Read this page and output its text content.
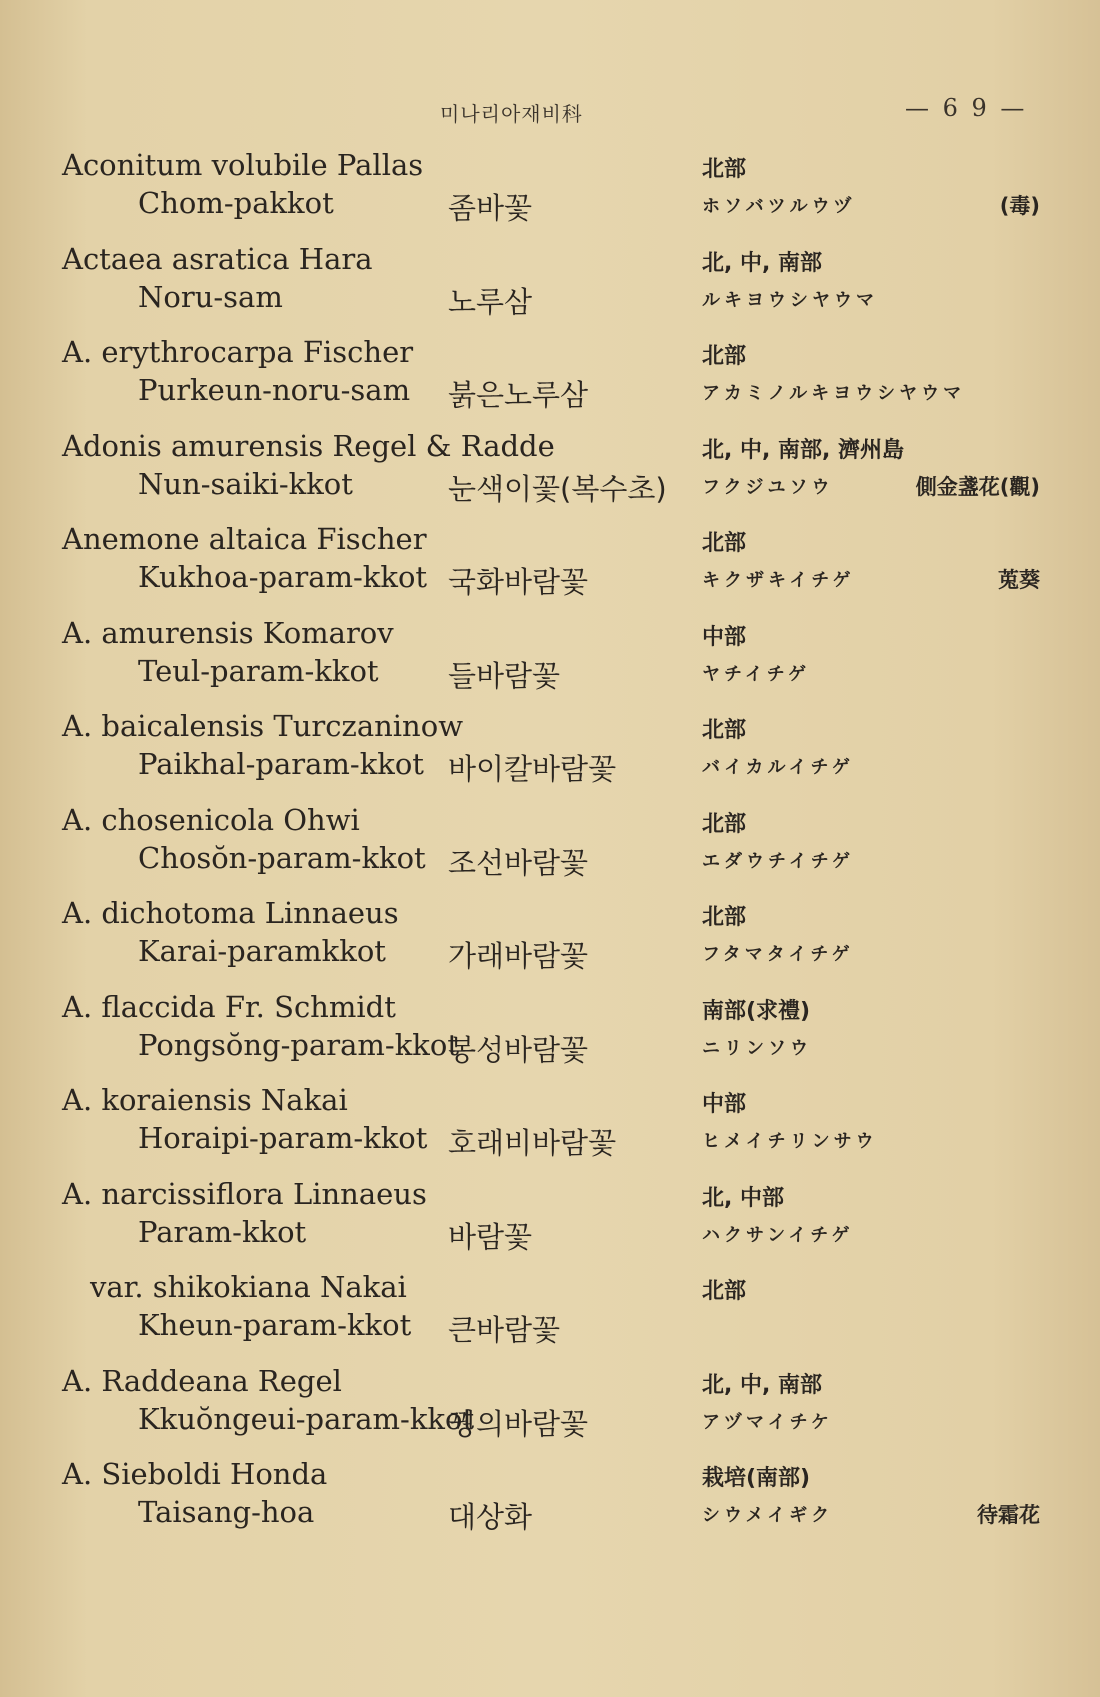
미나리아재비科	— 6 9 —
Aconitum volubile Pallas
Chom-pakkot	좀바꽃
北部
ホソバツルウヅ	(毒)
Actaea asratica Hara
Noru-sam	노루삼
北, 中, 南部
ルキヨウシヤウマ
A. erythrocarpa Fischer
Purkeun-noru-sam 붉은노루삼
北部
アカミノルキヨウシヤウマ
Adonis amurensis Regel & Radde
Nun-saiki-kkot	눈색이꽃(복수초)
北, 中, 南部, 濟州島
フクジユソウ	側金盞花(觀)
Anemone altaica Fischer
Kukhoa-param-kkot 국화바람꽃
北部
キクザキイチゲ	莵葵
A. amurensis Komarov
Teul-param-kkot 들바람꽃
中部
ヤチイチゲ
A. baicalensis Turczaninow
Paikhal-param-kkot 바이칼바람꽃
北部
バイカルイチゲ
A. chosenicola Ohwi
Chosŏn-param-kkot 조선바람꽃
北部
エダウチイチゲ
A. dichotoma Linnaeus
Karai-paramkkot 가래바람꽃
北部
フタマタイチゲ
A. flaccida Fr. Schmidt
Pongsŏng-param-kkot
봉성바람꽃
南部(求禮)
ニリンソウ
A. koraiensis Nakai
Horaipi-param-kkot 호래비바람꽃
中部
ヒメイチリンサウ
A. narcissiflora Linnaeus
Param-kkot	바람꽃
北, 中部
ハクサンイチゲ
var. shikokiana Nakai
Kheun-param-kkot 큰바람꽃
北部
A. Raddeana Regel
Kkuŏngeui-param-kkot
꿩의바람꽃
北, 中, 南部
アヅマイチケ
A. Sieboldi Honda
Taisang-hoa	대상화
栽培(南部)
シウメイギク	待霜花
